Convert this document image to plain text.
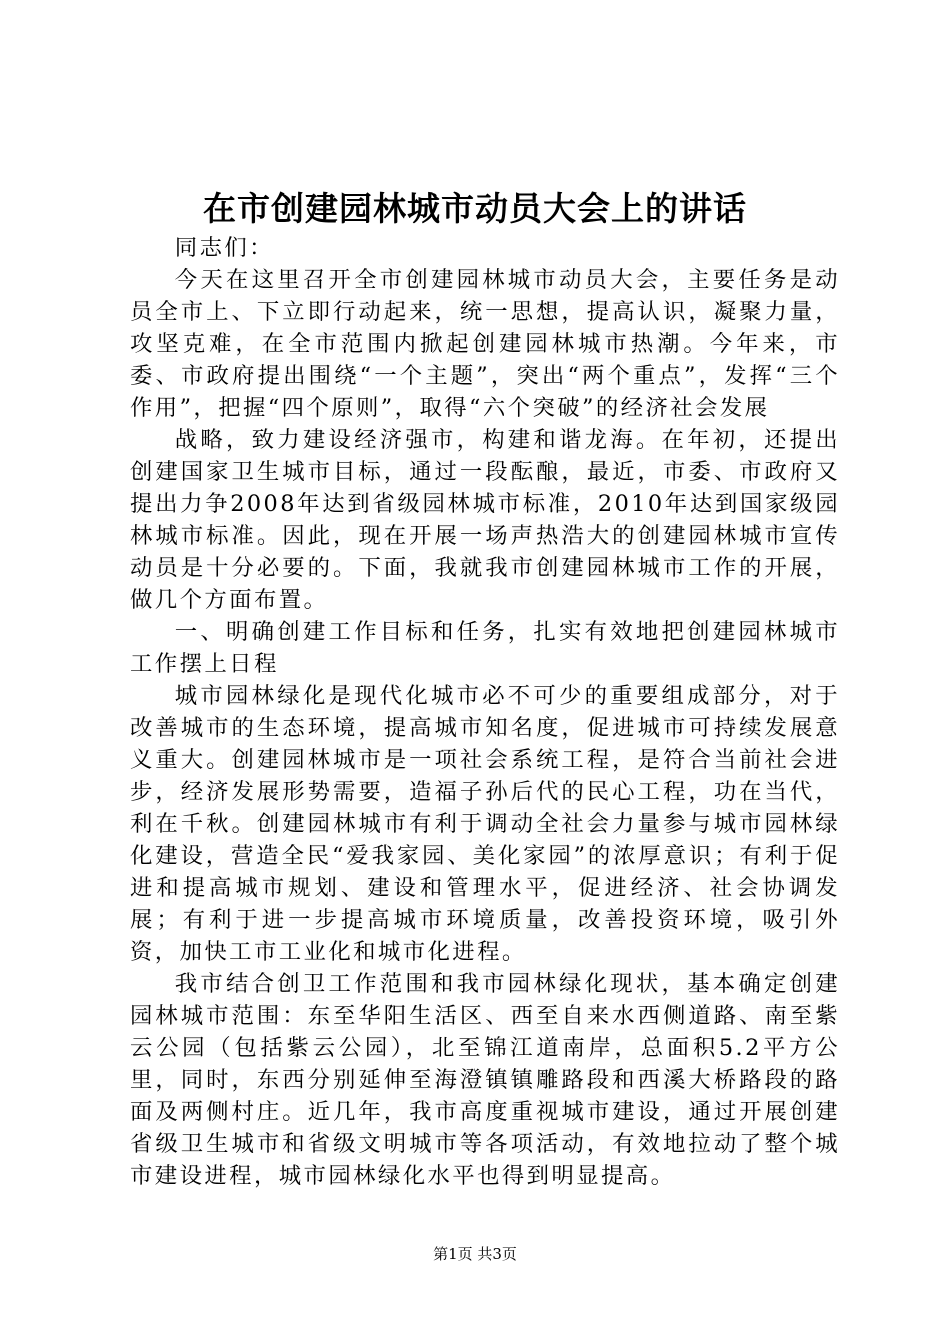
在市创建园林城市动员大会上的讲话

同志们：

今天在这里召开全市创建园林城市动员大会，主要任务是动员全市上、下立即行动起来，统一思想，提高认识，凝聚力量，攻坚克难，在全市范围内掀起创建园林城市热潮。今年来，市委、市政府提出围绕“一个主题”，突出“两个重点”，发挥“三个作用”，把握“四个原则”，取得“六个突破”的经济社会发展

战略，致力建设经济强市，构建和谐龙海。在年初，还提出创建国家卫生城市目标，通过一段酝酿，最近，市委、市政府又提出力争2008年达到省级园林城市标准，2010年达到国家级园林城市标准。因此，现在开展一场声热浩大的创建园林城市宣传动员是十分必要的。下面，我就我市创建园林城市工作的开展，做几个方面布置。

一、明确创建工作目标和任务，扎实有效地把创建园林城市工作摆上日程

城市园林绿化是现代化城市必不可少的重要组成部分，对于改善城市的生态环境，提高城市知名度，促进城市可持续发展意义重大。创建园林城市是一项社会系统工程，是符合当前社会进步，经济发展形势需要，造福子孙后代的民心工程，功在当代，利在千秋。创建园林城市有利于调动全社会力量参与城市园林绿化建设，营造全民“爱我家园、美化家园”的浓厚意识；有利于促进和提高城市规划、建设和管理水平，促进经济、社会协调发展；有利于进一步提高城市环境质量，改善投资环境，吸引外资，加快工市工业化和城市化进程。

我市结合创卫工作范围和我市园林绿化现状，基本确定创建园林城市范围：东至华阳生活区、西至自来水西侧道路、南至紫云公园（包括紫云公园），北至锦江道南岸，总面积5.2平方公里，同时，东西分别延伸至海澄镇镇雕路段和西溪大桥路段的路面及两侧村庄。近几年，我市高度重视城市建设，通过开展创建省级卫生城市和省级文明城市等各项活动，有效地拉动了整个城市建设进程，城市园林绿化水平也得到明显提高。

第1页 共3页
